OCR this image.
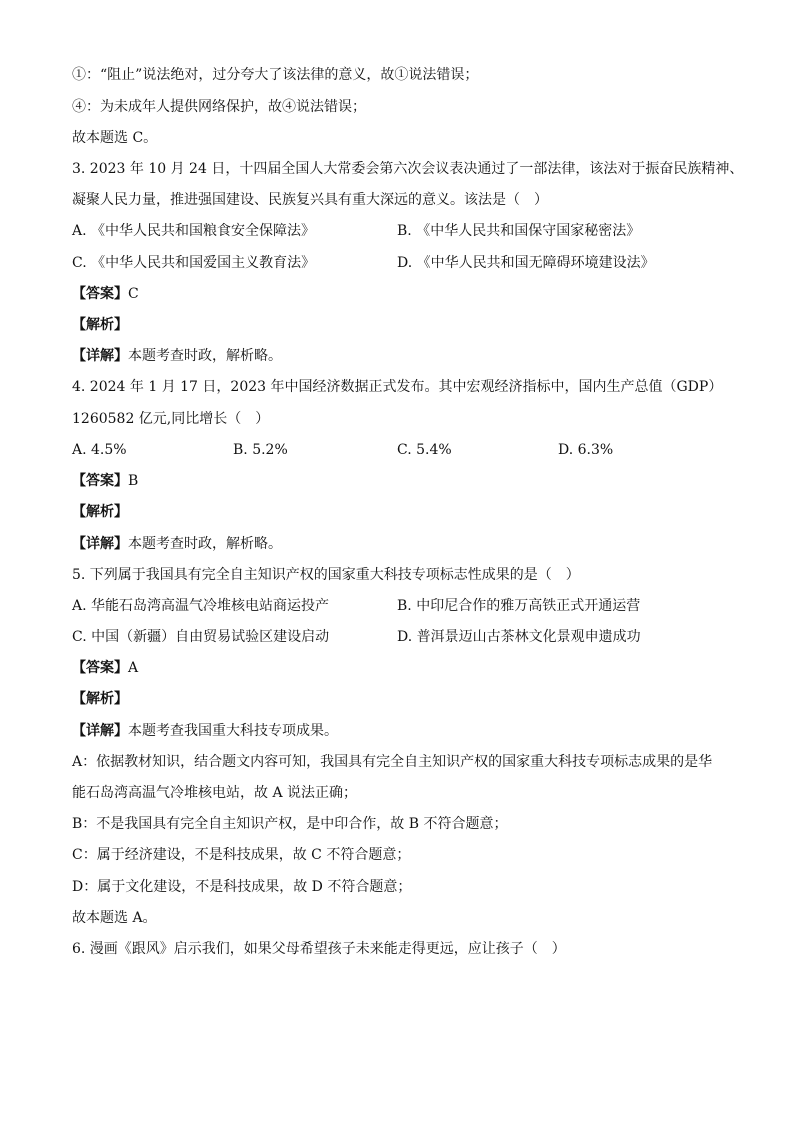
①：“阻止”说法绝对，过分夸大了该法律的意义，故①说法错误；
④：为未成年人提供网络保护，故④说法错误；
故本题选 C。
3. 2023 年 10 月 24 日，十四届全国人大常委会第六次会议表决通过了一部法律，该法对于振奋民族精神、
凝聚人民力量，推进强国建设、民族复兴具有重大深远的意义。该法是（　）
A. 《中华人民共和国粮食安全保障法》	B. 《中华人民共和国保守国家秘密法》
C. 《中华人民共和国爱国主义教育法》	D. 《中华人民共和国无障碍环境建设法》
【答案】C
【解析】
【详解】本题考查时政，解析略。
4. 2024 年 1 月 17 日，2023 年中国经济数据正式发布。其中宏观经济指标中，国内生产总值（GDP）
1260582 亿元,同比增长（　）
A. 4.5%	B. 5.2%	C. 5.4%	D. 6.3%
【答案】B
【解析】
【详解】本题考查时政，解析略。
5. 下列属于我国具有完全自主知识产权的国家重大科技专项标志性成果的是（　）
A. 华能石岛湾高温气冷堆核电站商运投产	B. 中印尼合作的雅万高铁正式开通运营
C. 中国（新疆）自由贸易试验区建设启动	D. 普洱景迈山古茶林文化景观申遗成功
【答案】A
【解析】
【详解】本题考查我国重大科技专项成果。
A：依据教材知识，结合题文内容可知，我国具有完全自主知识产权的国家重大科技专项标志成果的是华
能石岛湾高温气冷堆核电站，故 A 说法正确；
B：不是我国具有完全自主知识产权，是中印合作，故 B 不符合题意；
C：属于经济建设，不是科技成果，故 C 不符合题意；
D：属于文化建设，不是科技成果，故 D 不符合题意；
故本题选 A。
6. 漫画《跟风》启示我们，如果父母希望孩子未来能走得更远，应让孩子（　）
